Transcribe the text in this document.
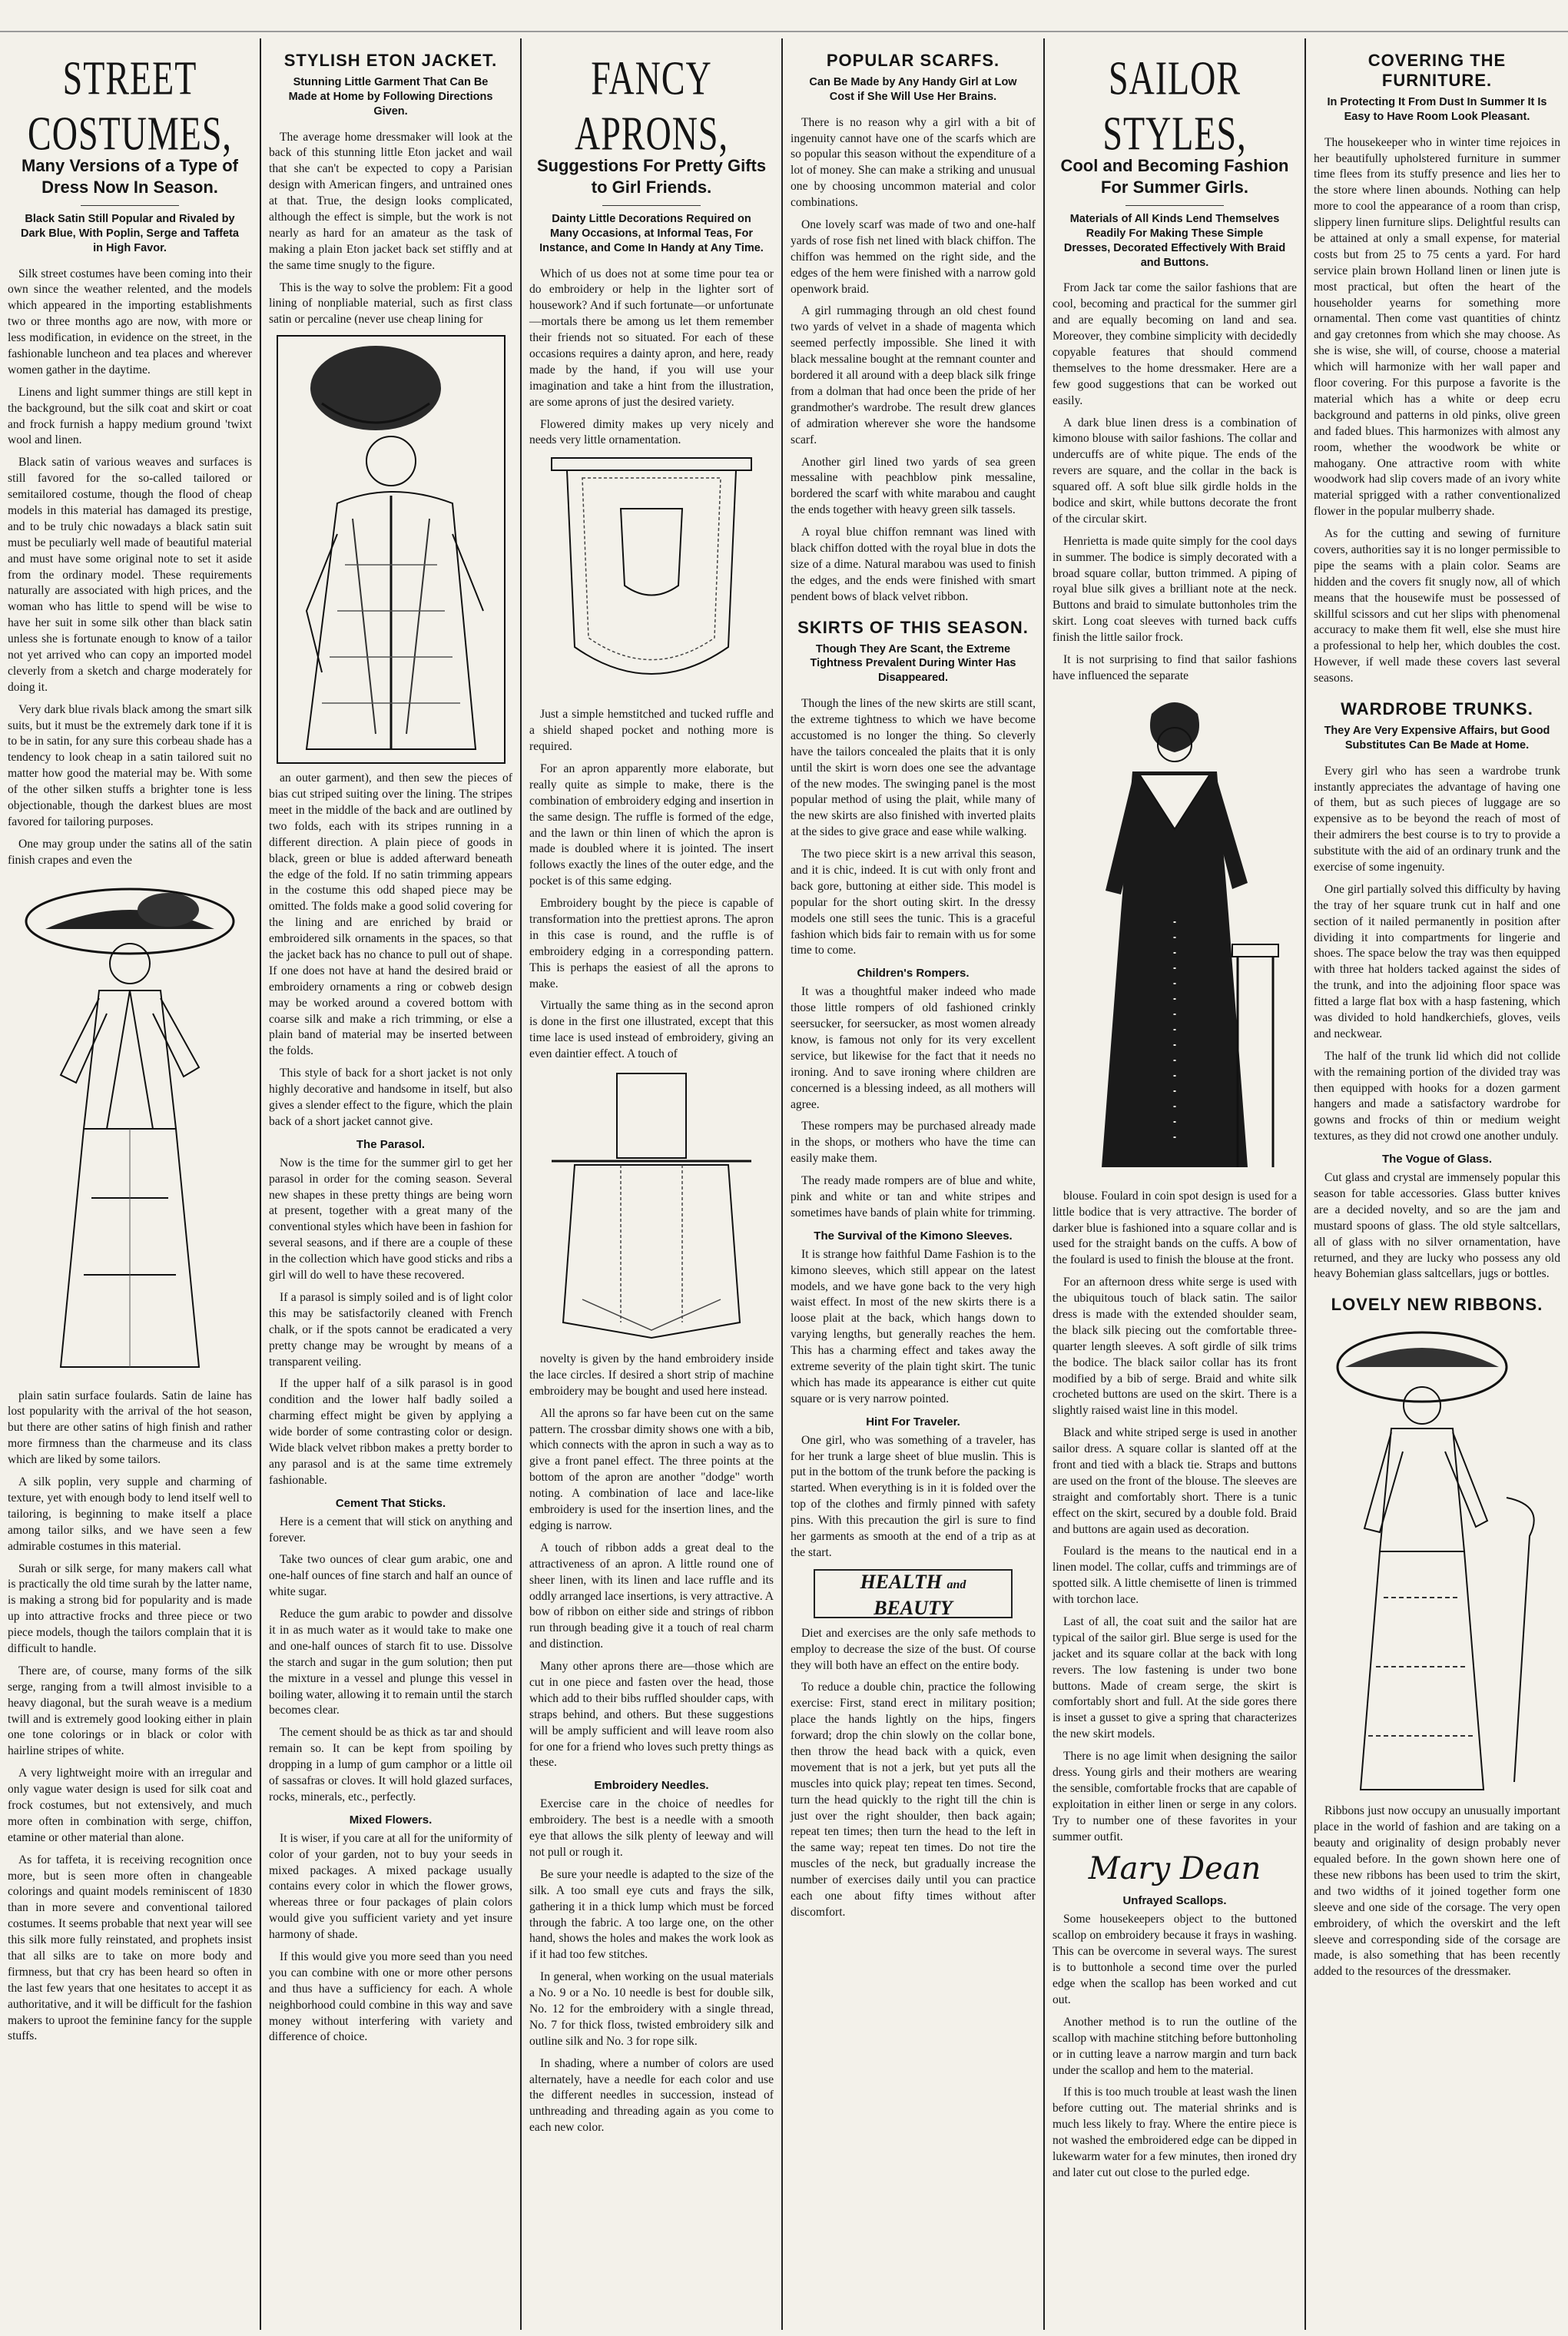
STREET COSTUMES,
Many Versions of a Type of Dress Now In Season.
Black Satin Still Popular and Rivaled by Dark Blue, With Poplin, Serge and Taffeta in High Favor.

Silk street costumes have been coming into their own since the weather relented, and the models which appeared in the importing establishments two or three months ago are now, with more or less modification, in evidence on the street, in the fashionable luncheon and tea places and wherever women gather in the daytime.

Linens and light summer things are still kept in the background, but the silk coat and skirt or coat and frock furnish a happy medium ground 'twixt wool and linen.

Black satin of various weaves and surfaces is still favored for the so-called tailored or semitailored costume, though the flood of cheap models in this material has damaged its prestige, and to be truly chic nowadays a black satin suit must be peculiarly well made of beautiful material and must have some original note to set it aside from the ordinary model. These requirements naturally are associated with high prices, and the woman who has little to spend will be wise to have her suit in some silk other than black satin unless she is fortunate enough to know of a tailor not yet arrived who can copy an imported model cleverly from a sketch and charge moderately for doing it.

Very dark blue rivals black among the smart silk suits, but it must be the extremely dark tone if it is to be in satin, for any sure this corbeau shade has a tendency to look cheap in a satin tailored suit no matter how good the material may be. With some of the other silken stuffs a brighter tone is less objectionable, though the darkest blues are most favored for tailoring purposes.

One may group under the satins all of the satin finish crapes and even the

plain satin surface foulards. Satin de laine has lost popularity with the arrival of the hot season, but there are other satins of high finish and rather more firmness than the charmeuse and its class which are liked by some tailors.

A silk poplin, very supple and charming of texture, yet with enough body to lend itself well to tailoring, is beginning to make itself a place among tailor silks, and we have seen a few admirable costumes in this material.

Surah or silk serge, for many makers call what is practically the old time surah by the latter name, is making a strong bid for popularity and is made up into attractive frocks and three piece or two piece models, though the tailors complain that it is difficult to handle.

There are, of course, many forms of the silk serge, ranging from a twill almost invisible to a heavy diagonal, but the surah weave is a medium twill and is extremely good looking either in plain one tone colorings or in black or color with hairline stripes of white.

A very lightweight moire with an irregular and only vague water design is used for silk coat and frock costumes, but not extensively, and much more often in combination with serge, chiffon, etamine or other material than alone.

As for taffeta, it is receiving recognition once more, but is seen more often in changeable colorings and quaint models reminiscent of 1830 than in more severe and conventional tailored costumes. It seems probable that next year will see this silk more fully reinstated, and prophets insist that all silks are to take on more body and firmness, but that cry has been heard so often in the last few years that one hesitates to accept it as authoritative, and it will be difficult for the fashion makers to uproot the feminine fancy for the supple stuffs.

STYLISH ETON JACKET.
Stunning Little Garment That Can Be Made at Home by Following Directions Given.

The average home dressmaker will look at the back of this stunning little Eton jacket and wail that she can't be expected to copy a Parisian design with American fingers, and untrained ones at that. True, the design looks complicated, although the effect is simple, but the work is not nearly as hard for an amateur as the task of making a plain Eton jacket back set stiffly and at the same time snugly to the figure.

This is the way to solve the problem: Fit a good lining of nonpliable material, such as first class satin or percaline (never use cheap lining for

an outer garment), and then sew the pieces of bias cut striped suiting over the lining. The stripes meet in the middle of the back and are outlined by two folds, each with its stripes running in a different direction. A plain piece of goods in black, green or blue is added afterward beneath the edge of the fold. If no satin trimming appears in the costume this odd shaped piece may be omitted. The folds make a good solid covering for the lining and are enriched by braid or embroidered silk ornaments in the spaces, so that the jacket back has no chance to pull out of shape. If one does not have at hand the desired braid or embroidery ornaments a ring or cobweb design may be worked around a covered bottom with coarse silk and make a rich trimming, or else a plain band of material may be inserted between the folds.

This style of back for a short jacket is not only highly decorative and handsome in itself, but also gives a slender effect to the figure, which the plain back of a short jacket cannot give.

The Parasol.

Now is the time for the summer girl to get her parasol in order for the coming season. Several new shapes in these pretty things are being worn at present, together with a great many of the conventional styles which have been in fashion for several seasons, and if there are a couple of these in the collection which have good sticks and ribs a girl will do well to have these recovered.

If a parasol is simply soiled and is of light color this may be satisfactorily cleaned with French chalk, or if the spots cannot be eradicated a very pretty change may be wrought by means of a transparent veiling.

If the upper half of a silk parasol is in good condition and the lower half badly soiled a charming effect might be given by applying a wide border of some contrasting color or design. Wide black velvet ribbon makes a pretty border to any parasol and is at the same time extremely fashionable.

Cement That Sticks.

Here is a cement that will stick on anything and forever.

Take two ounces of clear gum arabic, one and one-half ounces of fine starch and half an ounce of white sugar.

Reduce the gum arabic to powder and dissolve it in as much water as it would take to make one and one-half ounces of starch fit to use. Dissolve the starch and sugar in the gum solution; then put the mixture in a vessel and plunge this vessel in boiling water, allowing it to remain until the starch becomes clear.

The cement should be as thick as tar and should remain so. It can be kept from spoiling by dropping in a lump of gum camphor or a little oil of sassafras or cloves. It will hold glazed surfaces, rocks, minerals, etc., perfectly.

Mixed Flowers.

It is wiser, if you care at all for the uniformity of color of your garden, not to buy your seeds in mixed packages. A mixed package usually contains every color in which the flower grows, whereas three or four packages of plain colors would give you sufficient variety and yet insure harmony of shade.

If this would give you more seed than you need you can combine with one or more other persons and thus have a sufficiency for each. A whole neighborhood could combine in this way and save money without interfering with variety and difference of choice.

FANCY APRONS,
Suggestions For Pretty Gifts to Girl Friends.
Dainty Little Decorations Required on Many Occasions, at Informal Teas, For Instance, and Come In Handy at Any Time.

Which of us does not at some time pour tea or do embroidery or help in the lighter sort of housework? And if such fortunate—or unfortunate—mortals there be among us let them remember their friends not so situated. For each of these occasions requires a dainty apron, and here, ready made by the hand, if you will use your imagination and take a hint from the illustration, are some aprons of just the desired variety.

Flowered dimity makes up very nicely and needs very little ornamentation.

Just a simple hemstitched and tucked ruffle and a shield shaped pocket and nothing more is required.

For an apron apparently more elaborate, but really quite as simple to make, there is the combination of embroidery edging and insertion in the same design. The ruffle is formed of the edge, and the lawn or thin linen of which the apron is made is doubled where it is jointed. The insert follows exactly the lines of the outer edge, and the pocket is of this same edging.

Embroidery bought by the piece is capable of transformation into the prettiest aprons. The apron in this case is round, and the ruffle is of embroidery edging in a corresponding pattern. This is perhaps the easiest of all the aprons to make.

Virtually the same thing as in the second apron is done in the first one illustrated, except that this time lace is used instead of embroidery, giving an even daintier effect. A touch of

novelty is given by the hand embroidery inside the lace circles. If desired a short strip of machine embroidery may be bought and used here instead.

All the aprons so far have been cut on the same pattern. The crossbar dimity shows one with a bib, which connects with the apron in such a way as to give a front panel effect. The three points at the bottom of the apron are another "dodge" worth noting. A combination of lace and lace-like embroidery is used for the insertion lines, and the edging is narrow.

A touch of ribbon adds a great deal to the attractiveness of an apron. A little round one of sheer linen, with its linen and lace ruffle and its oddly arranged lace insertions, is very attractive. A bow of ribbon on either side and strings of ribbon run through beading give it a touch of real charm and distinction.

Many other aprons there are—those which are cut in one piece and fasten over the head, those which add to their bibs ruffled shoulder caps, with straps behind, and others. But these suggestions will be amply sufficient and will leave room also for one for a friend who loves such pretty things as these.

Embroidery Needles.

Exercise care in the choice of needles for embroidery. The best is a needle with a smooth eye that allows the silk plenty of leeway and will not pull or rough it.

Be sure your needle is adapted to the size of the silk. A too small eye cuts and frays the silk, gathering it in a thick lump which must be forced through the fabric. A too large one, on the other hand, shows the holes and makes the work look as if it had too few stitches.

In general, when working on the usual materials a No. 9 or a No. 10 needle is best for double silk, No. 12 for the embroidery with a single thread, No. 7 for thick floss, twisted embroidery silk and outline silk and No. 3 for rope silk.

In shading, where a number of colors are used alternately, have a needle for each color and use the different needles in succession, instead of unthreading and threading again as you come to each new color.

POPULAR SCARFS.
Can Be Made by Any Handy Girl at Low Cost if She Will Use Her Brains.

There is no reason why a girl with a bit of ingenuity cannot have one of the scarfs which are so popular this season without the expenditure of a lot of money. She can make a striking and unusual one by choosing uncommon material and color combinations.

One lovely scarf was made of two and one-half yards of rose fish net lined with black chiffon. The chiffon was hemmed on the right side, and the edges of the hem were finished with a narrow gold openwork braid.

A girl rummaging through an old chest found two yards of velvet in a shade of magenta which seemed perfectly impossible. She lined it with black messaline bought at the remnant counter and bordered it all around with a deep black silk fringe from a dolman that had once been the pride of her grandmother's wardrobe. The result drew glances of admiration wherever she wore the handsome scarf.

Another girl lined two yards of sea green messaline with peachblow pink messaline, bordered the scarf with white marabou and caught the ends together with heavy green silk tassels.

A royal blue chiffon remnant was lined with black chiffon dotted with the royal blue in dots the size of a dime. Natural marabou was used to finish the edges, and the ends were finished with smart pendent bows of black velvet ribbon.

SKIRTS OF THIS SEASON.
Though They Are Scant, the Extreme Tightness Prevalent During Winter Has Disappeared.

Though the lines of the new skirts are still scant, the extreme tightness to which we have become accustomed is no longer the thing. So cleverly have the tailors concealed the plaits that it is only until the skirt is worn does one see the advantage of the new modes. The swinging panel is the most popular method of using the plait, while many of the new skirts are also finished with inverted plaits at the sides to give grace and ease while walking.

The two piece skirt is a new arrival this season, and it is chic, indeed. It is cut with only front and back gore, buttoning at either side. This model is popular for the short outing skirt. In the dressy models one still sees the tunic. This is a graceful fashion which bids fair to remain with us for some time to come.

Children's Rompers.

It was a thoughtful maker indeed who made those little rompers of old fashioned crinkly seersucker, for seersucker, as most women already know, is famous not only for its very excellent service, but likewise for the fact that it needs no ironing. And to save ironing where children are concerned is a blessing indeed, as all mothers will agree.

These rompers may be purchased already made in the shops, or mothers who have the time can easily make them.

The ready made rompers are of blue and white, pink and white or tan and white stripes and sometimes have bands of plain white for trimming.

The Survival of the Kimono Sleeves.

It is strange how faithful Dame Fashion is to the kimono sleeves, which still appear on the latest models, and we have gone back to the very high waist effect. In most of the new skirts there is a loose plait at the back, which hangs down to varying lengths, but generally reaches the hem. This has a charming effect and takes away the extreme severity of the plain tight skirt. The tunic which has made its appearance is either cut quite square or is very narrow pointed.

Hint For Traveler.

One girl, who was something of a traveler, has for her trunk a large sheet of blue muslin. This is put in the bottom of the trunk before the packing is started. When everything is in it is folded over the top of the clothes and firmly pinned with safety pins. With this precaution the girl is sure to find her garments as smooth at the end of a trip as at the start.

HEALTH and
BEAUTY

Diet and exercises are the only safe methods to employ to decrease the size of the bust. Of course they will both have an effect on the entire body.

To reduce a double chin, practice the following exercise: First, stand erect in military position; place the hands lightly on the hips, fingers forward; drop the chin slowly on the collar bone, then throw the head back with a quick, even movement that is not a jerk, but yet puts all the muscles into quick play; repeat ten times. Second, turn the head quickly to the right till the chin is just over the right shoulder, then back again; repeat ten times; then turn the head to the left in the same way; repeat ten times. Do not tire the muscles of the neck, but gradually increase the number of exercises daily until you can practice each one about fifty times without after discomfort.

SAILOR STYLES,
Cool and Becoming Fashion For Summer Girls.
Materials of All Kinds Lend Themselves Readily For Making These Simple Dresses, Decorated Effectively With Braid and Buttons.

From Jack tar come the sailor fashions that are cool, becoming and practical for the summer girl and are equally becoming on land and sea. Moreover, they combine simplicity with decidedly copyable features that should commend themselves to the home dressmaker. Here are a few good suggestions that can be worked out easily.

A dark blue linen dress is a combination of kimono blouse with sailor fashions. The collar and undercuffs are of white pique. The ends of the revers are square, and the collar in the back is squared off. A soft blue silk girdle holds in the bodice and skirt, while buttons decorate the front of the circular skirt.

Henrietta is made quite simply for the cool days in summer. The bodice is simply decorated with a broad square collar, button trimmed. A piping of royal blue silk gives a brilliant note at the neck. Buttons and braid to simulate buttonholes trim the skirt. Long coat sleeves with turned back cuffs finish the little sailor frock.

It is not surprising to find that sailor fashions have influenced the separate

blouse. Foulard in coin spot design is used for a little bodice that is very attractive. The border of darker blue is fashioned into a square collar and is used for the straight bands on the cuffs. A bow of the foulard is used to finish the blouse at the front.

For an afternoon dress white serge is used with the ubiquitous touch of black satin. The sailor dress is made with the extended shoulder seam, the black silk piecing out the comfortable three-quarter length sleeves. A soft girdle of silk trims the bodice. The black sailor collar has its front modified by a bib of serge. Braid and white silk crocheted buttons are used on the skirt. There is a slightly raised waist line in this model.

Black and white striped serge is used in another sailor dress. A square collar is slanted off at the front and tied with a black tie. Straps and buttons are used on the front of the blouse. The sleeves are straight and comfortably short. There is a tunic effect on the skirt, secured by a double fold. Braid and buttons are again used as decoration.

Foulard is the means to the nautical end in a linen model. The collar, cuffs and trimmings are of spotted silk. A little chemisette of linen is trimmed with torchon lace.

Last of all, the coat suit and the sailor hat are typical of the sailor girl. Blue serge is used for the jacket and its square collar at the back with long revers. The low fastening is under two bone buttons. Made of cream serge, the skirt is comfortably short and full. At the side gores there is inset a gusset to give a spring that characterizes the new skirt models.

There is no age limit when designing the sailor dress. Young girls and their mothers are wearing the sensible, comfortable frocks that are capable of exploitation in either linen or serge in any colors. Try to number one of these favorites in your summer outfit.

Mary Dean
Unfrayed Scallops.

Some housekeepers object to the buttoned scallop on embroidery because it frays in washing. This can be overcome in several ways. The surest is to buttonhole a second time over the purled edge when the scallop has been worked and cut out.

Another method is to run the outline of the scallop with machine stitching before buttonholing or in cutting leave a narrow margin and turn back under the scallop and hem to the material.

If this is too much trouble at least wash the linen before cutting out. The material shrinks and is much less likely to fray. Where the entire piece is not washed the embroidered edge can be dipped in lukewarm water for a few minutes, then ironed dry and later cut out close to the purled edge.

COVERING THE FURNITURE.
In Protecting It From Dust In Summer It Is Easy to Have Room Look Pleasant.

The housekeeper who in winter time rejoices in her beautifully upholstered furniture in summer time flees from its stuffy presence and lies her to the store where linen abounds. Nothing can help more to cool the appearance of a room than crisp, slippery linen furniture slips. Delightful results can be attained at only a small expense, for material costs but from 25 to 75 cents a yard. For hard service plain brown Holland linen or linen jute is most practical, but often the heart of the householder yearns for something more ornamental. Then come vast quantities of chintz and gay cretonnes from which she may choose. As she is wise, she will, of course, choose a material which will harmonize with her wall paper and floor covering. For this purpose a favorite is the material which has a white or deep ecru background and patterns in old pinks, olive green and faded blues. This harmonizes with almost any room, whether the woodwork be white or mahogany. One attractive room with white woodwork had slip covers made of an ivory white material sprigged with a rather conventionalized flower in the popular mulberry shade.

As for the cutting and sewing of furniture covers, authorities say it is no longer permissible to pipe the seams with a plain color. Seams are hidden and the covers fit snugly now, all of which means that the housewife must be possessed of skillful scissors and cut her slips with phenomenal accuracy to make them fit well, else she must hire a professional to help her, which doubles the cost. However, if well made these covers last several seasons.

WARDROBE TRUNKS.
They Are Very Expensive Affairs, but Good Substitutes Can Be Made at Home.

Every girl who has seen a wardrobe trunk instantly appreciates the advantage of having one of them, but as such pieces of luggage are so expensive as to be beyond the reach of most of their admirers the best course is to try to provide a substitute with the aid of an ordinary trunk and the exercise of some ingenuity.

One girl partially solved this difficulty by having the tray of her square trunk cut in half and one section of it nailed permanently in position after dividing it into compartments for lingerie and shoes. The space below the tray was then equipped with three hat holders tacked against the sides of the trunk, and into the adjoining floor space was fitted a large flat box with a hasp fastening, which was divided to hold handkerchiefs, gloves, veils and neckwear.

The half of the trunk lid which did not collide with the remaining portion of the divided tray was then equipped with hooks for a dozen garment hangers and made a satisfactory wardrobe for gowns and frocks of thin or medium weight textures, as they did not crowd one another unduly.

The Vogue of Glass.

Cut glass and crystal are immensely popular this season for table accessories. Glass butter knives are a decided novelty, and so are the jam and mustard spoons of glass. The old style saltcellars, all of glass with no silver ornamentation, have returned, and they are lucky who possess any old heavy Bohemian glass saltcellars, jugs or bottles.

LOVELY NEW RIBBONS.

Ribbons just now occupy an unusually important place in the world of fashion and are taking on a beauty and originality of design probably never equaled before. In the gown shown here one of these new ribbons has been used to trim the skirt, and two widths of it joined together form one sleeve and one side of the corsage. The very open embroidery, of which the overskirt and the left sleeve and corresponding side of the corsage are made, is also something that has been recently added to the resources of the dressmaker.
